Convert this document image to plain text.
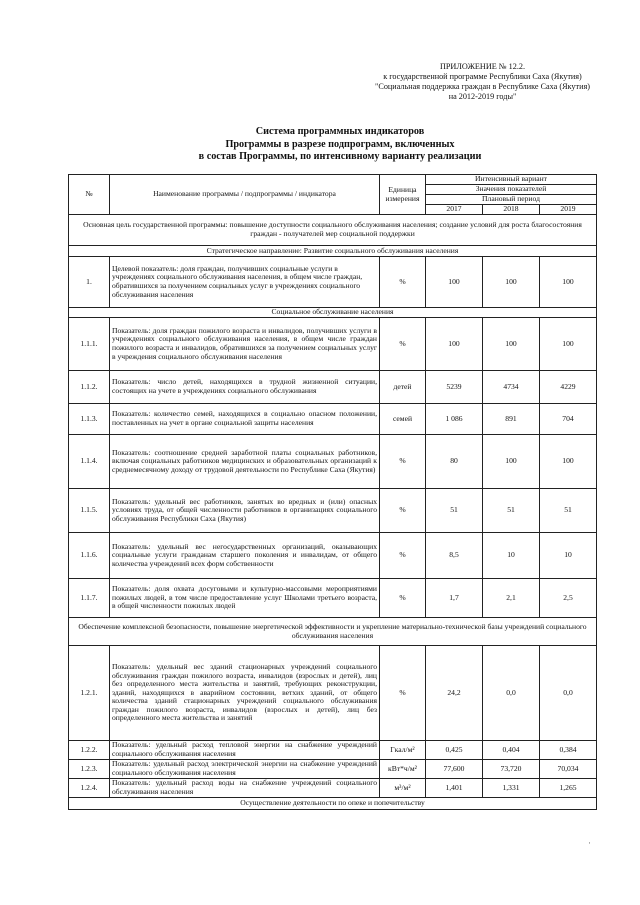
ПРИЛОЖЕНИЕ № 12.2.
к государственной программе Республики Саха (Якутия)
"Социальная поддержка граждан в Республике Саха (Якутия)
на 2012-2019 годы"
Система программных индикаторов
Программы в разрезе подпрограмм, включенных
в состав Программы, по интенсивному варианту реализации
№	Наименование программы / подпрограммы / индикатора	Единица измерения	Интенсивный вариант		
			Значения показателей		
			Плановый период		
			2017	2018	2019
Основная цель государственной программы: повышение доступности социального обслуживания населения; создание условий для роста благосостояния граждан - получателей мер социальной поддержки					
Стратегическое направление: Развитие социального обслуживания населения					
1.	Целевой показатель: доля граждан, получивших социальные услуги в учреждениях социального обслуживания населения, в общем числе граждан, обратившихся за получением социальных услуг в учреждениях социального обслуживания населения	%	100	100	100
Социальное обслуживание населения					
1.1.1.	Показатель: доля граждан пожилого возраста и инвалидов, получивших услуги в учреждениях социального обслуживания населения, в общем числе граждан пожилого возраста и инвалидов, обратившихся за получением социальных услуг в учреждения социального обслуживания населения	%	100	100	100
1.1.2.	Показатель: число детей, находящихся в трудной жизненной ситуации, состоящих на учете в учреждениях социального обслуживания	детей	5239	4734	4229
1.1.3.	Показатель: количество семей, находящихся в социально опасном положении, поставленных на учет в органе социальной защиты населения	семей	1 086	891	704
1.1.4.	Показатель: соотношение средней заработной платы социальных работников, включая социальных работников медицинских и образовательных организаций к среднемесячному доходу от трудовой деятельности по Республике Саха (Якутия)	%	80	100	100
1.1.5.	Показатель: удельный вес работников, занятых во вредных и (или) опасных условиях труда, от общей численности работников в организациях социального обслуживания Республики Саха (Якутия)	%	51	51	51
1.1.6.	Показатель: удельный вес негосударственных организаций, оказывающих социальные услуги гражданам старшего поколения и инвалидам, от общего количества учреждений всех форм собственности	%	8,5	10	10
1.1.7.	Показатель: доля охвата досуговыми и культурно-массовыми мероприятиями пожилых людей, в том числе предоставление услуг Школами третьего возраста, в общей численности пожилых людей	%	1,7	2,1	2,5
Обеспечение комплексной безопасности, повышение энергетической эффективности и укрепление материально-технической базы учреждений социального обслуживания населения					
1.2.1.	Показатель: удельный вес зданий стационарных учреждений социального обслуживания граждан пожилого возраста, инвалидов (взрослых и детей), лиц без определенного места жительства и занятий, требующих реконструкции, зданий, находящихся в аварийном состоянии, ветхих зданий, от общего количества зданий стационарных учреждений социального обслуживания граждан пожилого возраста, инвалидов (взрослых и детей), лиц без определенного места жительства и занятий	%	24,2	0,0	0,0
1.2.2.	Показатель: удельный расход тепловой энергии на снабжение учреждений социального обслуживания населения	Гкал/м²	0,425	0,404	0,384
1.2.3.	Показатель: удельный расход электрической энергии на снабжение учреждений социального обслуживания населения	кВт*ч/м²	77,600	73,720	70,034
1.2.4.	Показатель: удельный расход воды на снабжение учреждений социального обслуживания населения	м³/м²	1,401	1,331	1,265
Осуществление деятельности по опеке и попечительству					
·
